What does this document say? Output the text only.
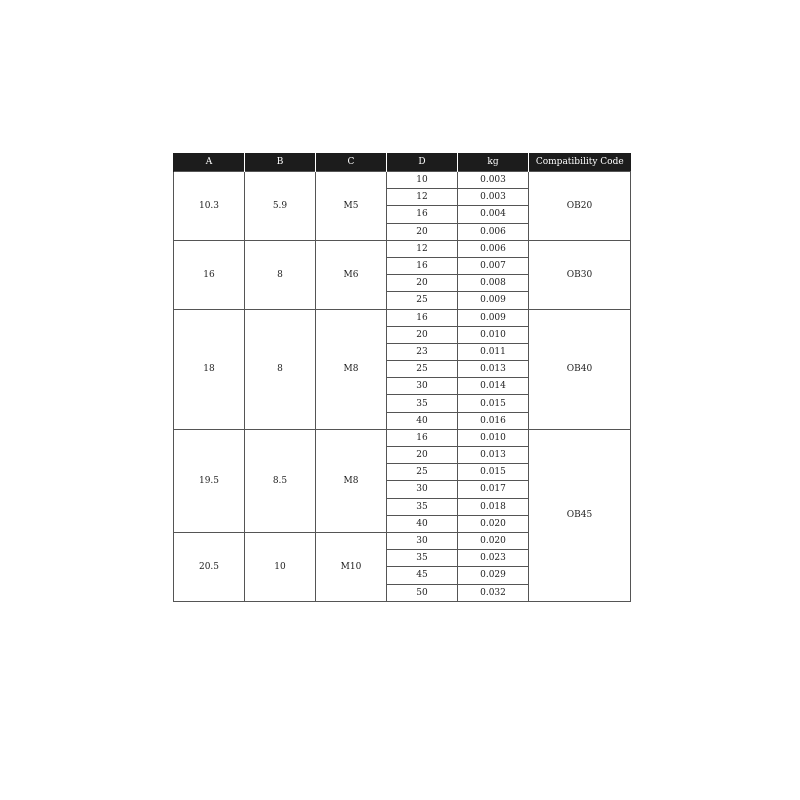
A	B	C	D	kg	Compatibility Code
10.3	5.9	M5	10	0.003	OB20
			12	0.003	
			16	0.004	
			20	0.006	
16	8	M6	12	0.006	OB30
			16	0.007	
			20	0.008	
			25	0.009	
18	8	M8	16	0.009	OB40
			20	0.010	
			23	0.011	
			25	0.013	
			30	0.014	
			35	0.015	
			40	0.016	
19.5	8.5	M8	16	0.010	OB45
			20	0.013	
			25	0.015	
			30	0.017	
			35	0.018	
			40	0.020	
20.5	10	M10	30	0.020	
			35	0.023	
			45	0.029	
			50	0.032	
